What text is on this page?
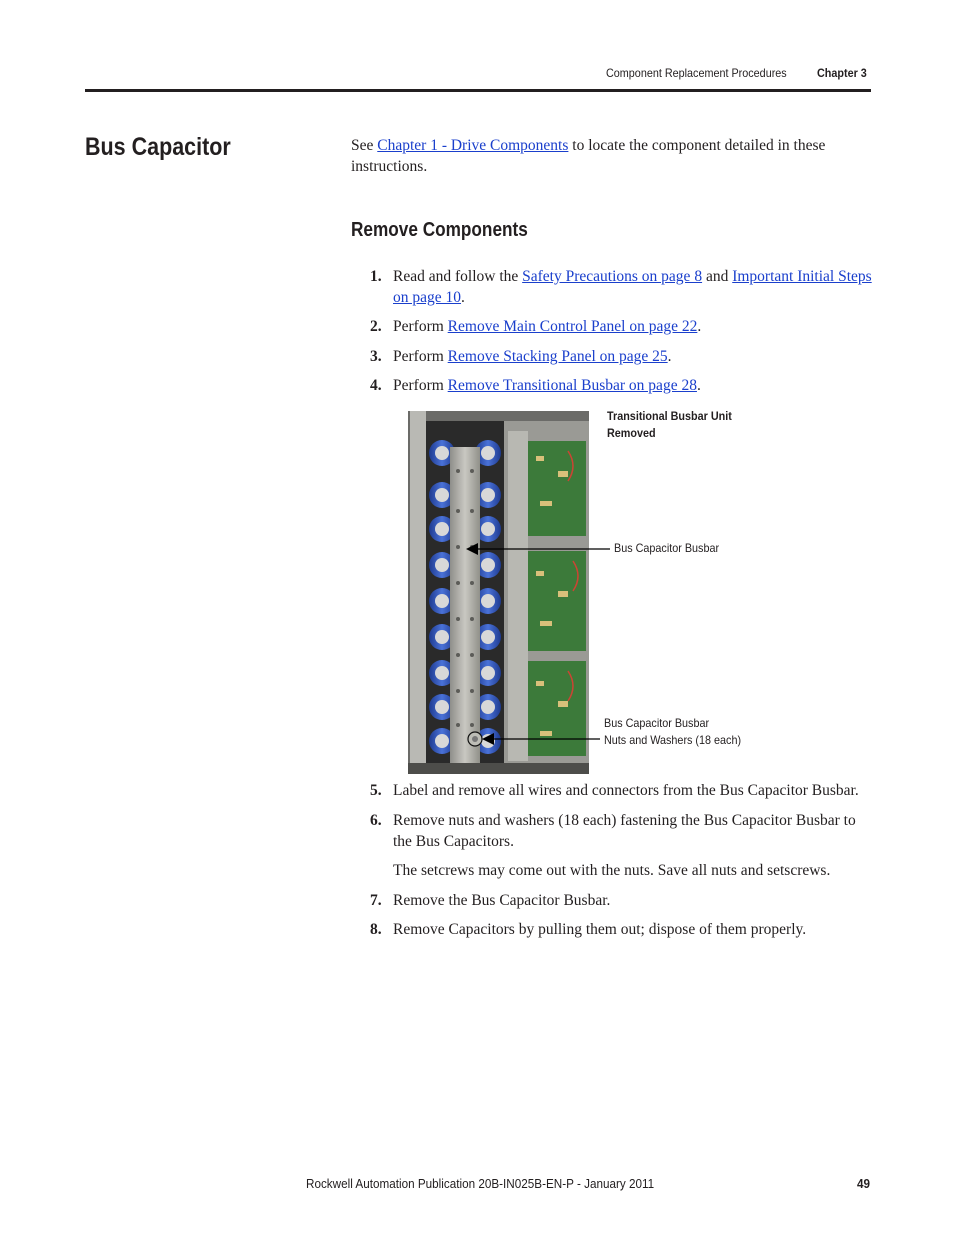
Component Replacement Procedures	Chapter 3
Bus Capacitor	See Chapter 1 - Drive Components to locate the component detailed in these instructions.
Remove Components
1. Read and follow the Safety Precautions on page 8 and Important Initial Steps on page 10.
2. Perform Remove Main Control Panel on page 22.
3. Perform Remove Stacking Panel on page 25.
4. Perform Remove Transitional Busbar on page 28.
Transitional Busbar Unit
Removed
Bus Capacitor Busbar
Bus Capacitor Busbar
Nuts and Washers (18 each)
5. Label and remove all wires and connectors from the Bus Capacitor Busbar.
6. Remove nuts and washers (18 each) fastening the Bus Capacitor Busbar to the Bus Capacitors.
The setcrews may come out with the nuts. Save all nuts and setscrews.
7. Remove the Bus Capacitor Busbar.
8. Remove Capacitors by pulling them out; dispose of them properly.
Rockwell Automation Publication 20B-IN025B-EN-P - January 2011	49
